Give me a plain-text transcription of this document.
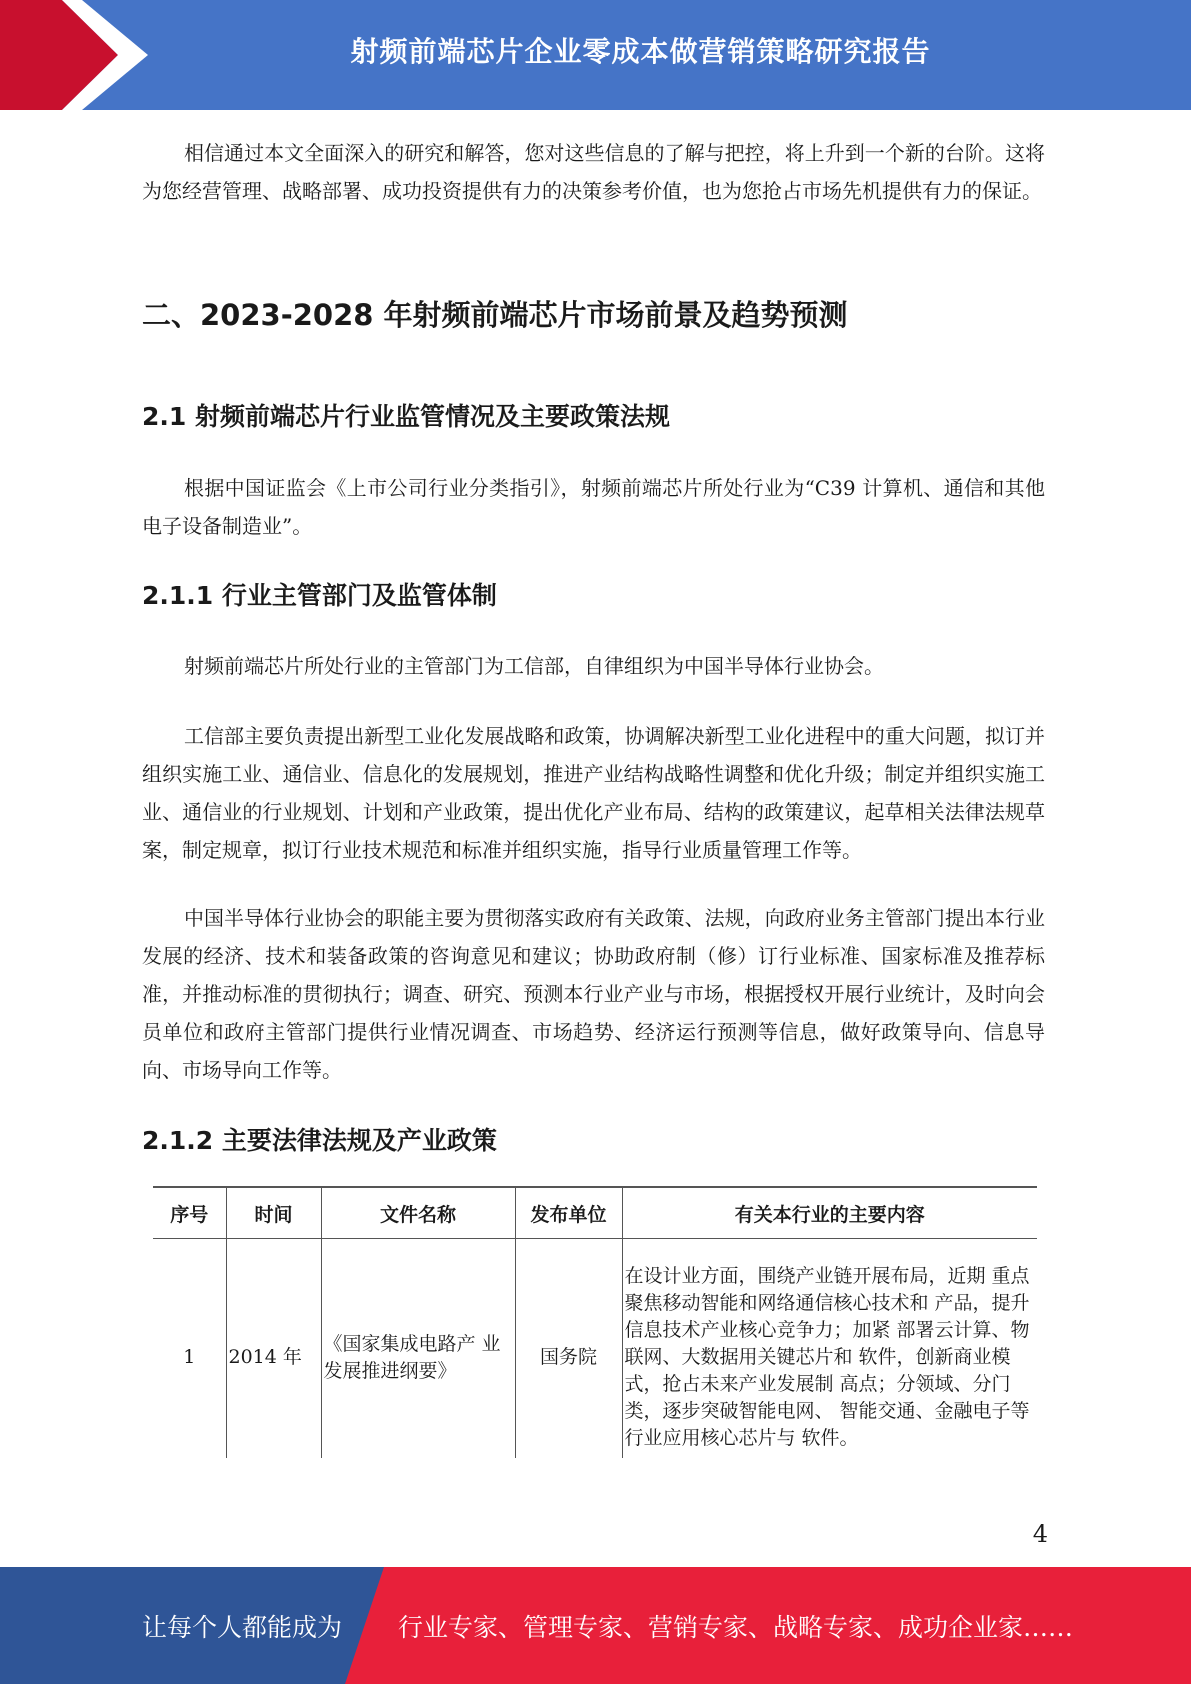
射频前端芯片企业零成本做营销策略研究报告

相信通过本文全面深入的研究和解答，您对这些信息的了解与把控，将上升到一个新的台阶。这将为您经营管理、战略部署、成功投资提供有力的决策参考价值，也为您抢占市场先机提供有力的保证。

二、2023-2028 年射频前端芯片市场前景及趋势预测
2.1 射频前端芯片行业监管情况及主要政策法规

根据中国证监会《上市公司行业分类指引》，射频前端芯片所处行业为“C39 计算机、通信和其他电子设备制造业”。

2.1.1 行业主管部门及监管体制

射频前端芯片所处行业的主管部门为工信部，自律组织为中国半导体行业协会。

工信部主要负责提出新型工业化发展战略和政策，协调解决新型工业化进程中的重大问题，拟订并组织实施工业、通信业、信息化的发展规划，推进产业结构战略性调整和优化升级；制定并组织实施工业、通信业的行业规划、计划和产业政策，提出优化产业布局、结构的政策建议，起草相关法律法规草案，制定规章，拟订行业技术规范和标准并组织实施，指导行业质量管理工作等。

中国半导体行业协会的职能主要为贯彻落实政府有关政策、法规，向政府业务主管部门提出本行业发展的经济、技术和装备政策的咨询意见和建议；协助政府制（修）订行业标准、国家标准及推荐标准，并推动标准的贯彻执行；调查、研究、预测本行业产业与市场，根据授权开展行业统计，及时向会员单位和政府主管部门提供行业情况调查、市场趋势、经济运行预测等信息，做好政策导向、信息导向、市场导向工作等。

2.1.2 主要法律法规及产业政策
序号	时间	文件名称	发布单位	有关本行业的主要内容
1	2014 年	《国家集成电路产 业发展推进纲要》	国务院	在设计业方面，围绕产业链开展布局，近期 重点聚焦移动智能和网络通信核心技术和 产品，提升信息技术产业核心竞争力；加紧 部署云计算、物联网、大数据用关键芯片和 软件，创新商业模式，抢占未来产业发展制 高点；分领域、分门类，逐步突破智能电网、 智能交通、金融电子等行业应用核心芯片与 软件。
4
让每个人都能成为 行业专家、管理专家、营销专家、战略专家、成功企业家……
